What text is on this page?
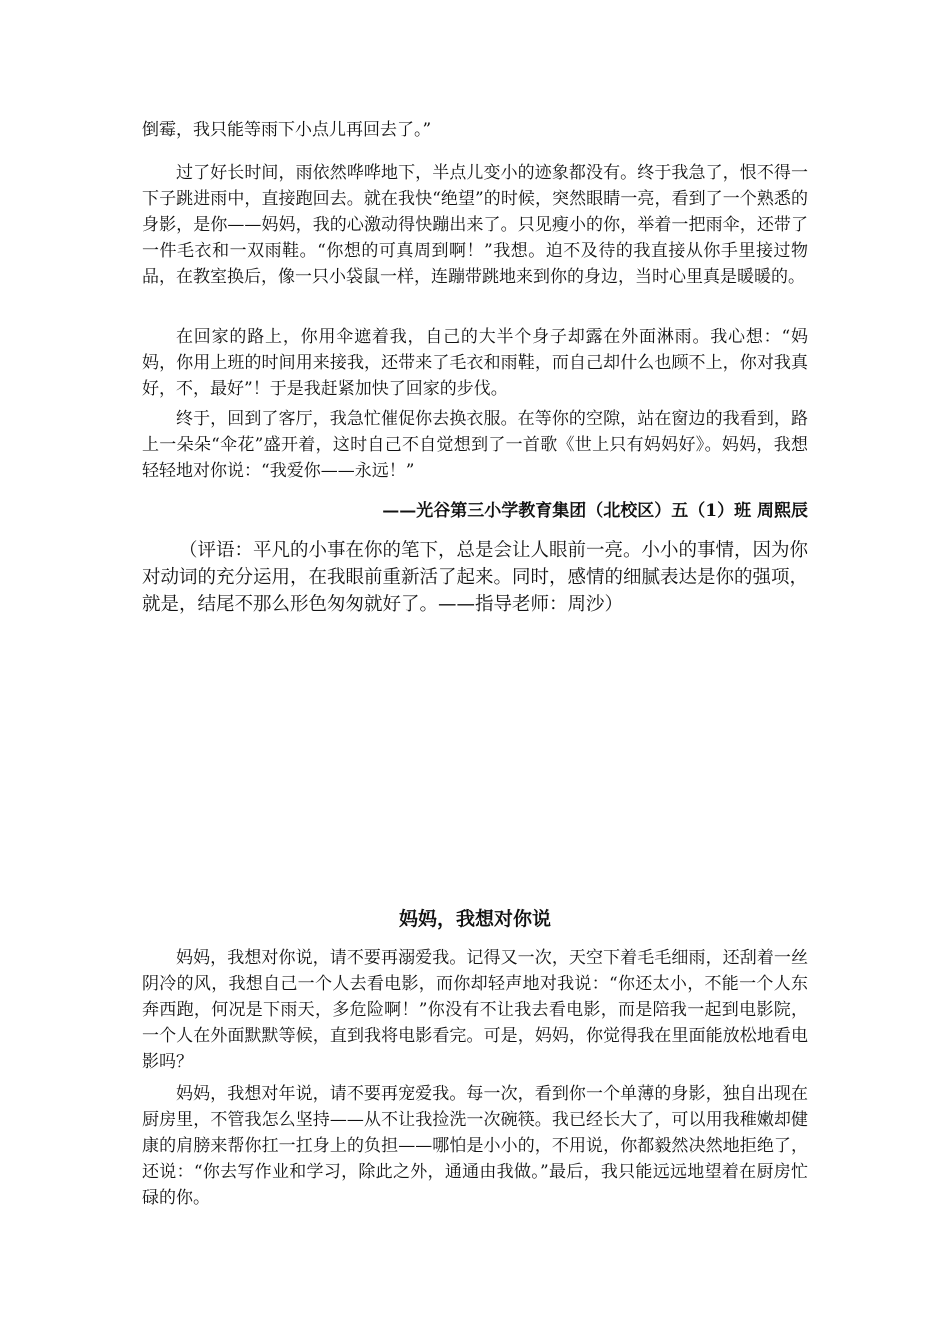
倒霉，我只能等雨下小点儿再回去了。”

过了好长时间，雨依然哗哗地下，半点儿变小的迹象都没有。终于我急了，恨不得一下子跳进雨中，直接跑回去。就在我快“绝望”的时候，突然眼睛一亮，看到了一个熟悉的身影，是你——妈妈，我的心激动得快蹦出来了。只见瘦小的你，举着一把雨伞，还带了一件毛衣和一双雨鞋。“你想的可真周到啊！”我想。迫不及待的我直接从你手里接过物品，在教室换后，像一只小袋鼠一样，连蹦带跳地来到你的身边，当时心里真是暖暖的。

在回家的路上，你用伞遮着我，自己的大半个身子却露在外面淋雨。我心想：“妈妈，你用上班的时间用来接我，还带来了毛衣和雨鞋，而自己却什么也顾不上，你对我真好，不，最好”！于是我赶紧加快了回家的步伐。

终于，回到了客厅，我急忙催促你去换衣服。在等你的空隙，站在窗边的我看到，路上一朵朵“伞花”盛开着，这时自己不自觉想到了一首歌《世上只有妈妈好》。妈妈，我想轻轻地对你说：“我爱你——永远！”

——光谷第三小学教育集团（北校区）五（1）班 周熙辰

（评语：平凡的小事在你的笔下，总是会让人眼前一亮。小小的事情，因为你对动词的充分运用，在我眼前重新活了起来。同时，感情的细腻表达是你的强项，就是，结尾不那么形色匆匆就好了。——指导老师：周沙）

妈妈，我想对你说

妈妈，我想对你说，请不要再溺爱我。记得又一次，天空下着毛毛细雨，还刮着一丝阴冷的风，我想自己一个人去看电影，而你却轻声地对我说：“你还太小，不能一个人东奔西跑，何况是下雨天，多危险啊！”你没有不让我去看电影，而是陪我一起到电影院，一个人在外面默默等候，直到我将电影看完。可是，妈妈，你觉得我在里面能放松地看电影吗？

妈妈，我想对年说，请不要再宠爱我。每一次，看到你一个单薄的身影，独自出现在厨房里，不管我怎么坚持——从不让我捡洗一次碗筷。我已经长大了，可以用我稚嫩却健康的肩膀来帮你扛一扛身上的负担——哪怕是小小的，不用说，你都毅然决然地拒绝了，还说：“你去写作业和学习，除此之外，通通由我做。”最后，我只能远远地望着在厨房忙碌的你。
